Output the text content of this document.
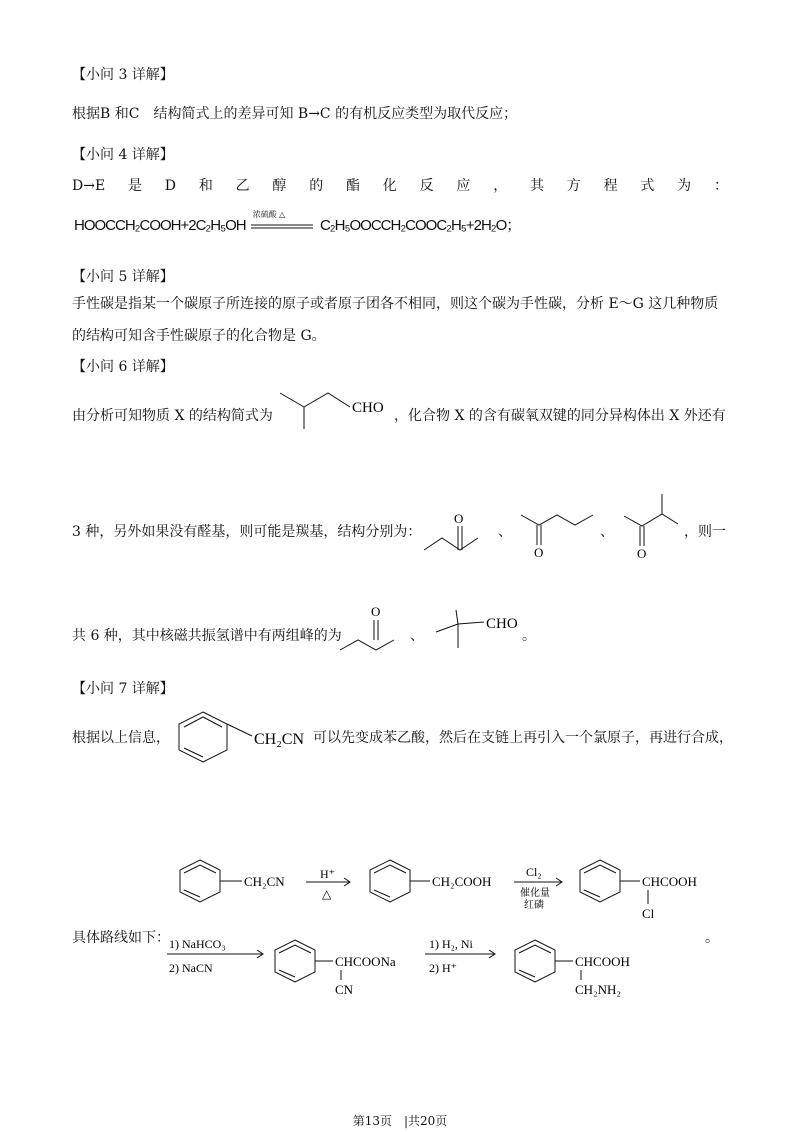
【小问 3 详解】
根据B 和C　结构简式上的差异可知 B→C 的有机反应类型为取代反应；
【小问 4 详解】
D→E 是 D 和 乙 醇 的 酯 化 反 应 ， 其 方 程 式 为 ：
HOOCCH₂COOH+2C₂H₅OH
浓硫酸 △
C₂H₅OOCCH₂COOC₂H₅+2H₂O；
【小问 5 详解】
手性碳是指某一个碳原子所连接的原子或者原子团各不相同，则这个碳为手性碳，分析 E～G 这几种物质
的结构可知含手性碳原子的化合物是 G。
【小问 6 详解】
由分析可知物质 X 的结构简式为	CHO ，化合物 X 的含有碳氧双键的同分异构体出 X 外还有
3 种，另外如果没有醛基，则可能是羰基，结构分别为：
O
、
O
、
O
，则一
共 6 种，其中核磁共振氢谱中有两组峰的为
O
、
CHO
。
【小问 7 详解】
根据以上信息，	CH₂CN 可以先变成苯乙酸，然后在支链上再引入一个氯原子，再进行合成，
CH₂CN	H⁺
△
CH₂COOH
Cl₂
催化量
红磷
CHCOOH
Cl
具体路线如下：	。
1) NaHCO₃
2) NaCN	CHCOONa
CN
1) H₂, Ni
2) H⁺	CHCOOH
CH₂NH₂
第13页　|共20页
